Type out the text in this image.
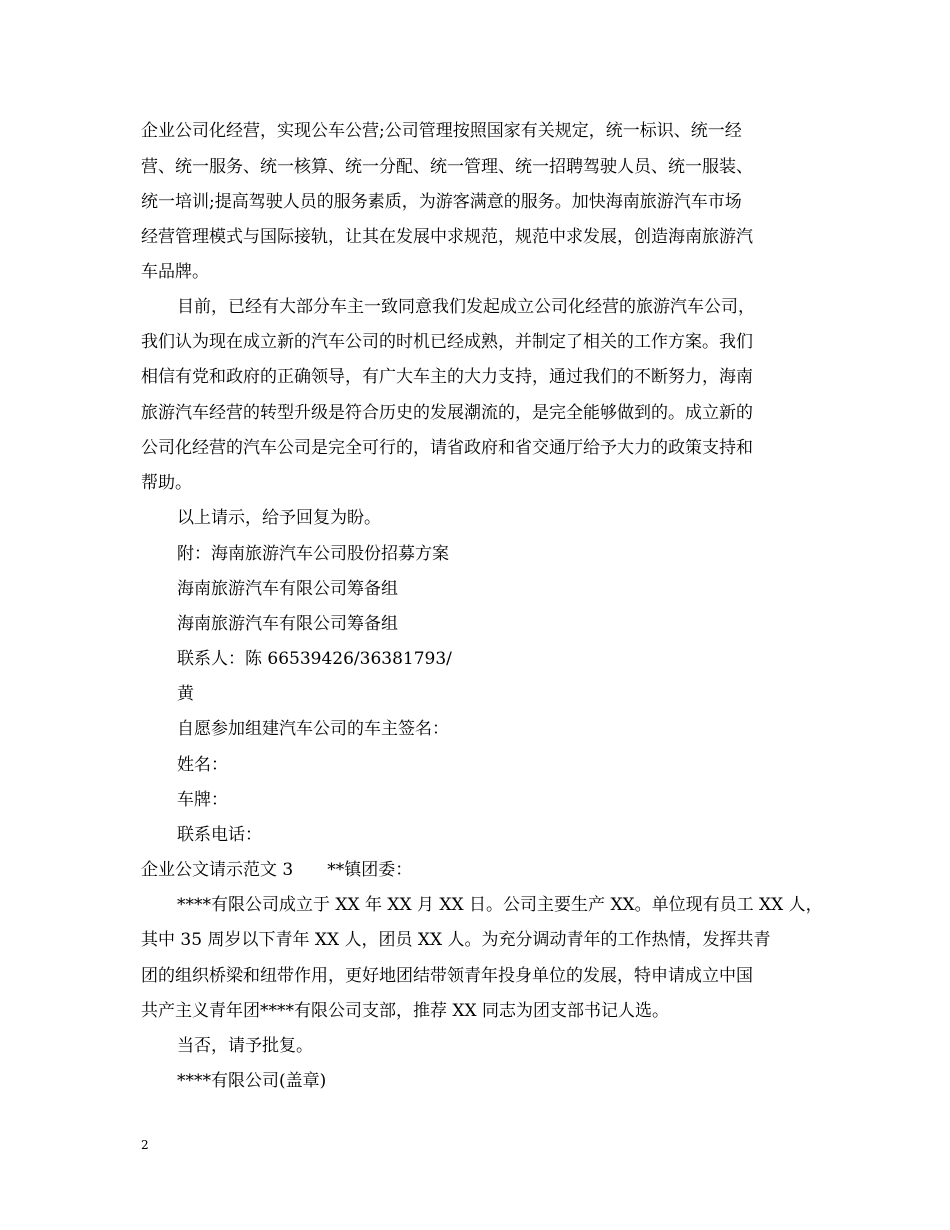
企业公司化经营，实现公车公营;公司管理按照国家有关规定，统一标识、统一经
营、统一服务、统一核算、统一分配、统一管理、统一招聘驾驶人员、统一服装、
统一培训;提高驾驶人员的服务素质，为游客满意的服务。加快海南旅游汽车市场
经营管理模式与国际接轨，让其在发展中求规范，规范中求发展，创造海南旅游汽
车品牌。
目前，已经有大部分车主一致同意我们发起成立公司化经营的旅游汽车公司，
我们认为现在成立新的汽车公司的时机已经成熟，并制定了相关的工作方案。我们
相信有党和政府的正确领导，有广大车主的大力支持，通过我们的不断努力，海南
旅游汽车经营的转型升级是符合历史的发展潮流的，是完全能够做到的。成立新的
公司化经营的汽车公司是完全可行的，请省政府和省交通厅给予大力的政策支持和
帮助。
以上请示，给予回复为盼。
附：海南旅游汽车公司股份招募方案
海南旅游汽车有限公司筹备组
海南旅游汽车有限公司筹备组
联系人：陈 66539426/36381793/
黄
自愿参加组建汽车公司的车主签名：
姓名：
车牌：
联系电话：
企业公文请示范文 3　　**镇团委：
****有限公司成立于 XX 年 XX 月 XX 日。公司主要生产 XX。单位现有员工 XX 人，
其中 35 周岁以下青年 XX 人，团员 XX 人。为充分调动青年的工作热情，发挥共青
团的组织桥梁和纽带作用，更好地团结带领青年投身单位的发展，特申请成立中国
共产主义青年团****有限公司支部，推荐 XX 同志为团支部书记人选。
当否，请予批复。
****有限公司(盖章)
2
